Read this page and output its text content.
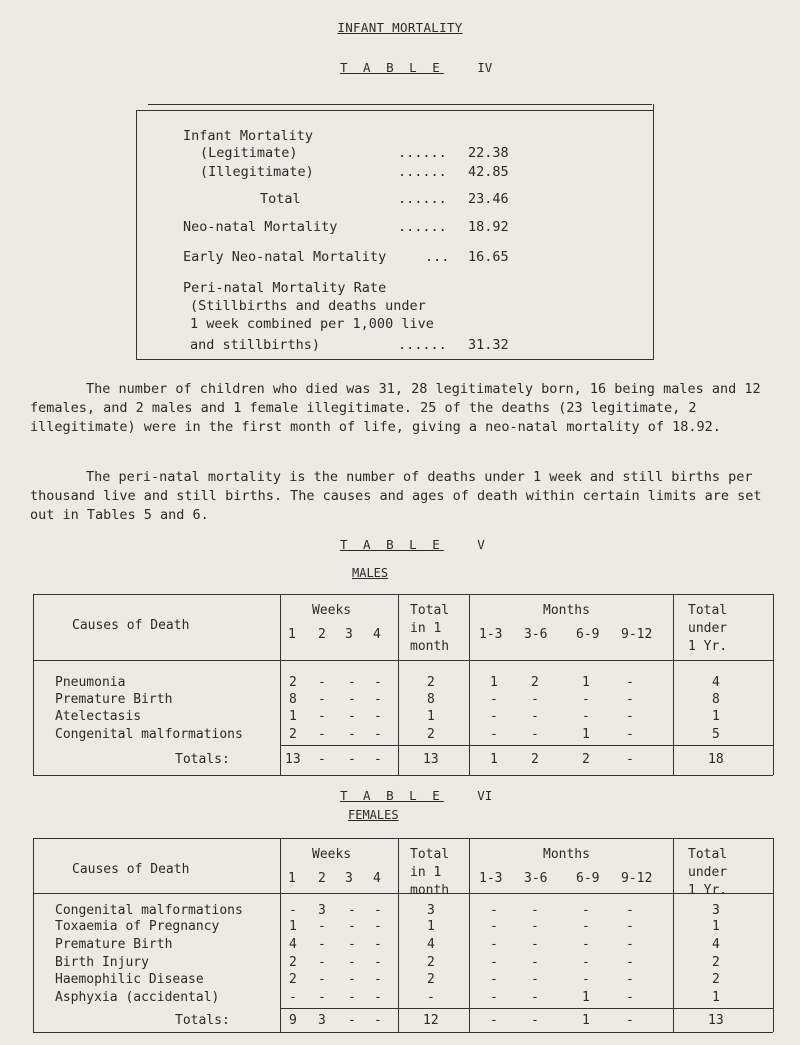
INFANT MORTALITY
T A B L E	IV
Infant Mortality
(Legitimate)	...... 22.38
(Illegitimate)	...... 42.85
Total	...... 23.46
Neo-natal Mortality	...... 18.92
Early Neo-natal Mortality	... 16.65
Peri-natal Mortality Rate
(Stillbirths and deaths under
1 week combined per 1,000 live
and stillbirths)	...... 31.32

The number of children who died was 31, 28 legitimately born, 16 being males and 12 females, and 2 males and 1 female illegitimate. 25 of the deaths (23 legitimate, 2 illegitimate) were in the first month of life, giving a neo-natal mortality of 18.92.

The peri-natal mortality is the number of deaths under 1 week and still births per thousand live and still births. The causes and ages of death within certain limits are set out in Tables 5 and 6.

T A B L E	V
MALES
Causes of Death
Weeks
1 2 3 4
Total
in 1
month
Months
1-3 3-6 6-9 9-12
Total
under
1 Yr.
Pneumonia	2 - - -	2	1	2	1	-	4
Premature Birth	8 - - -	8	-	-	-	-	8
Atelectasis	1 - - -	1	-	-	-	-	1
Congenital malformations	2 - - -	2	-	-	1	-	5
Totals:	13 - - -	13	1	2	2	-	18
T A B L E	VI
FEMALES
Causes of Death
Weeks
1 2 3 4
Total
in 1
month
Months
1-3 3-6 6-9 9-12
Total
under
1 Yr.
Congenital malformations	- 3 - -	3	-	-	-	-	3
Toxaemia of Pregnancy	1 - - -	1	-	-	-	-	1
Premature Birth	4 - - -	4	-	-	-	-	4
Birth Injury	2 - - -	2	-	-	-	-	2
Haemophilic Disease	2 - - -	2	-	-	-	-	2
Asphyxia (accidental)	- - - -	-	-	-	1	-	1
Totals:	9 3 - -	12	-	-	1	-	13
